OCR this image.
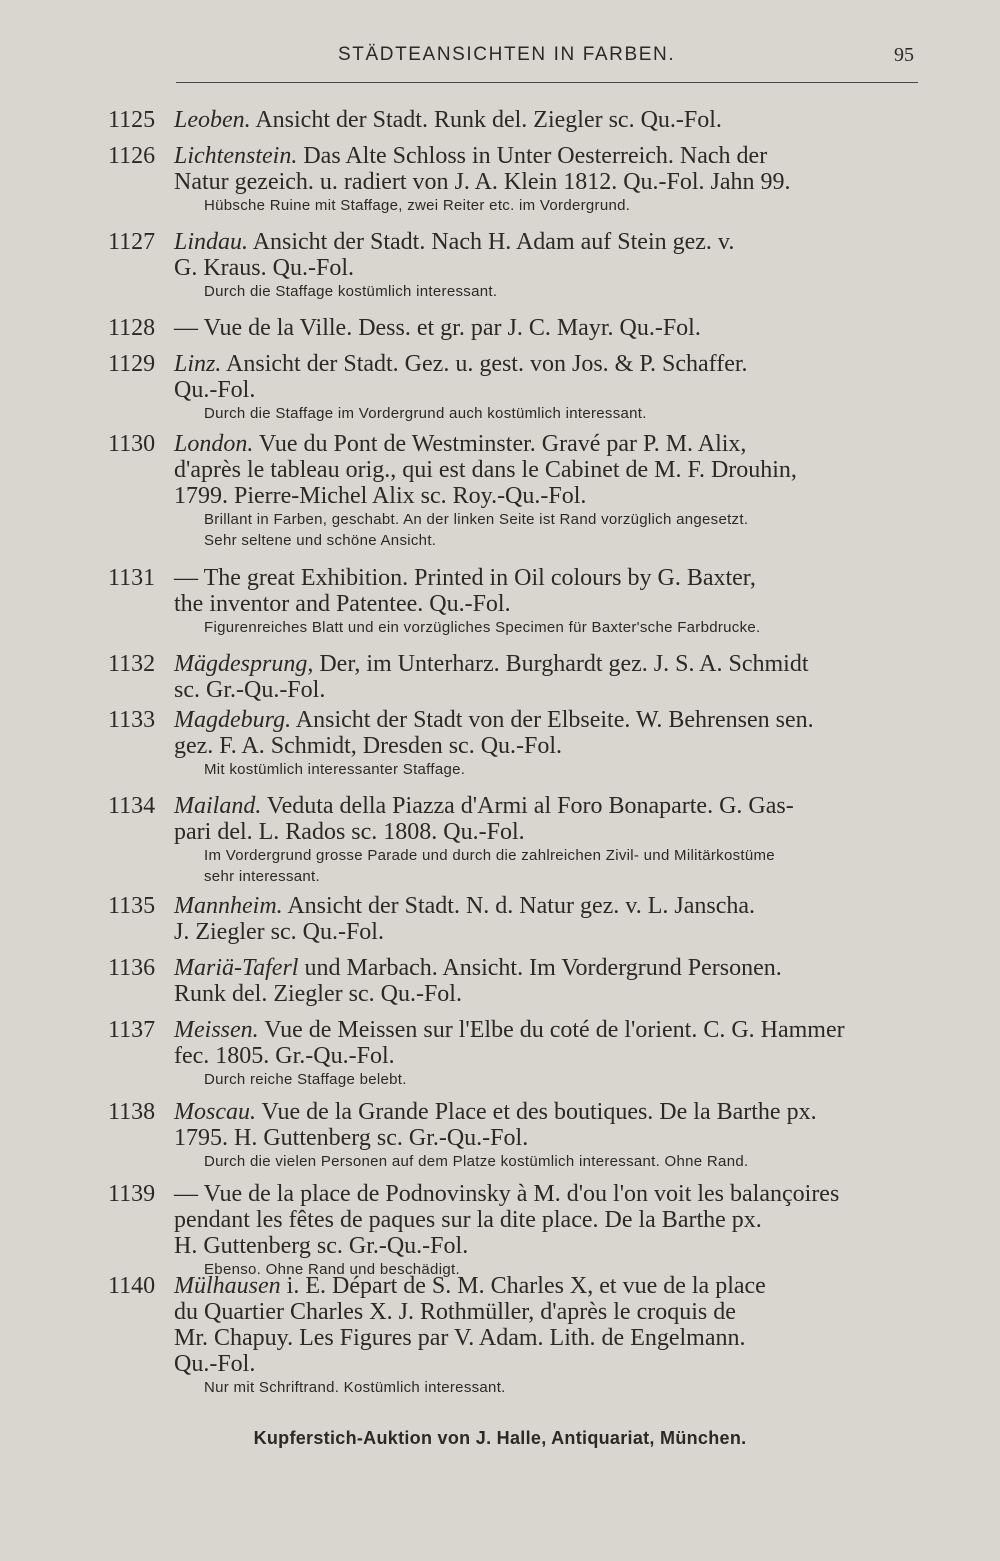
STÄDTEANSICHTEN IN FARBEN.	95
1125 Leoben. Ansicht der Stadt. Runk del. Ziegler sc. Qu.-Fol.
1126 Lichtenstein. Das Alte Schloss in Unter Oesterreich. Nach der
Natur gezeich. u. radiert von J. A. Klein 1812. Qu.-Fol. Jahn 99.
Hübsche Ruine mit Staffage, zwei Reiter etc. im Vordergrund.
1127 Lindau. Ansicht der Stadt. Nach H. Adam auf Stein gez. v.
G. Kraus. Qu.-Fol.
Durch die Staffage kostümlich interessant.
1128 — Vue de la Ville. Dess. et gr. par J. C. Mayr. Qu.-Fol.
1129 Linz. Ansicht der Stadt. Gez. u. gest. von Jos. & P. Schaffer.
Qu.-Fol.
Durch die Staffage im Vordergrund auch kostümlich interessant.
1130 London. Vue du Pont de Westminster. Gravé par P. M. Alix,
d'après le tableau orig., qui est dans le Cabinet de M. F. Drouhin,
1799. Pierre-Michel Alix sc. Roy.-Qu.-Fol.
Brillant in Farben, geschabt. An der linken Seite ist Rand vorzüglich angesetzt.
Sehr seltene und schöne Ansicht.
1131 — The great Exhibition. Printed in Oil colours by G. Baxter,
the inventor and Patentee. Qu.-Fol.
Figurenreiches Blatt und ein vorzügliches Specimen für Baxter'sche Farbdrucke.
1132 Mägdesprung, Der, im Unterharz. Burghardt gez. J. S. A. Schmidt
sc. Gr.-Qu.-Fol.
1133 Magdeburg. Ansicht der Stadt von der Elbseite. W. Behrensen sen.
gez. F. A. Schmidt, Dresden sc. Qu.-Fol.
Mit kostümlich interessanter Staffage.
1134 Mailand. Veduta della Piazza d'Armi al Foro Bonaparte. G. Gas-
pari del. L. Rados sc. 1808. Qu.-Fol.
Im Vordergrund grosse Parade und durch die zahlreichen Zivil- und Militärkostüme
sehr interessant.
1135 Mannheim. Ansicht der Stadt. N. d. Natur gez. v. L. Janscha.
J. Ziegler sc. Qu.-Fol.
1136 Mariä-Taferl und Marbach. Ansicht. Im Vordergrund Personen.
Runk del. Ziegler sc. Qu.-Fol.
1137 Meissen. Vue de Meissen sur l'Elbe du coté de l'orient. C. G. Hammer
fec. 1805. Gr.-Qu.-Fol.
Durch reiche Staffage belebt.
1138 Moscau. Vue de la Grande Place et des boutiques. De la Barthe px.
1795. H. Guttenberg sc. Gr.-Qu.-Fol.
Durch die vielen Personen auf dem Platze kostümlich interessant. Ohne Rand.
1139 — Vue de la place de Podnovinsky à M. d'ou l'on voit les balançoires
pendant les fêtes de paques sur la dite place. De la Barthe px.
H. Guttenberg sc. Gr.-Qu.-Fol.
Ebenso. Ohne Rand und beschädigt.
1140 Mülhausen i. E. Départ de S. M. Charles X, et vue de la place
du Quartier Charles X. J. Rothmüller, d'après le croquis de
Mr. Chapuy. Les Figures par V. Adam. Lith. de Engelmann.
Qu.-Fol.
Nur mit Schriftrand. Kostümlich interessant.
Kupferstich-Auktion von J. Halle, Antiquariat, München.
